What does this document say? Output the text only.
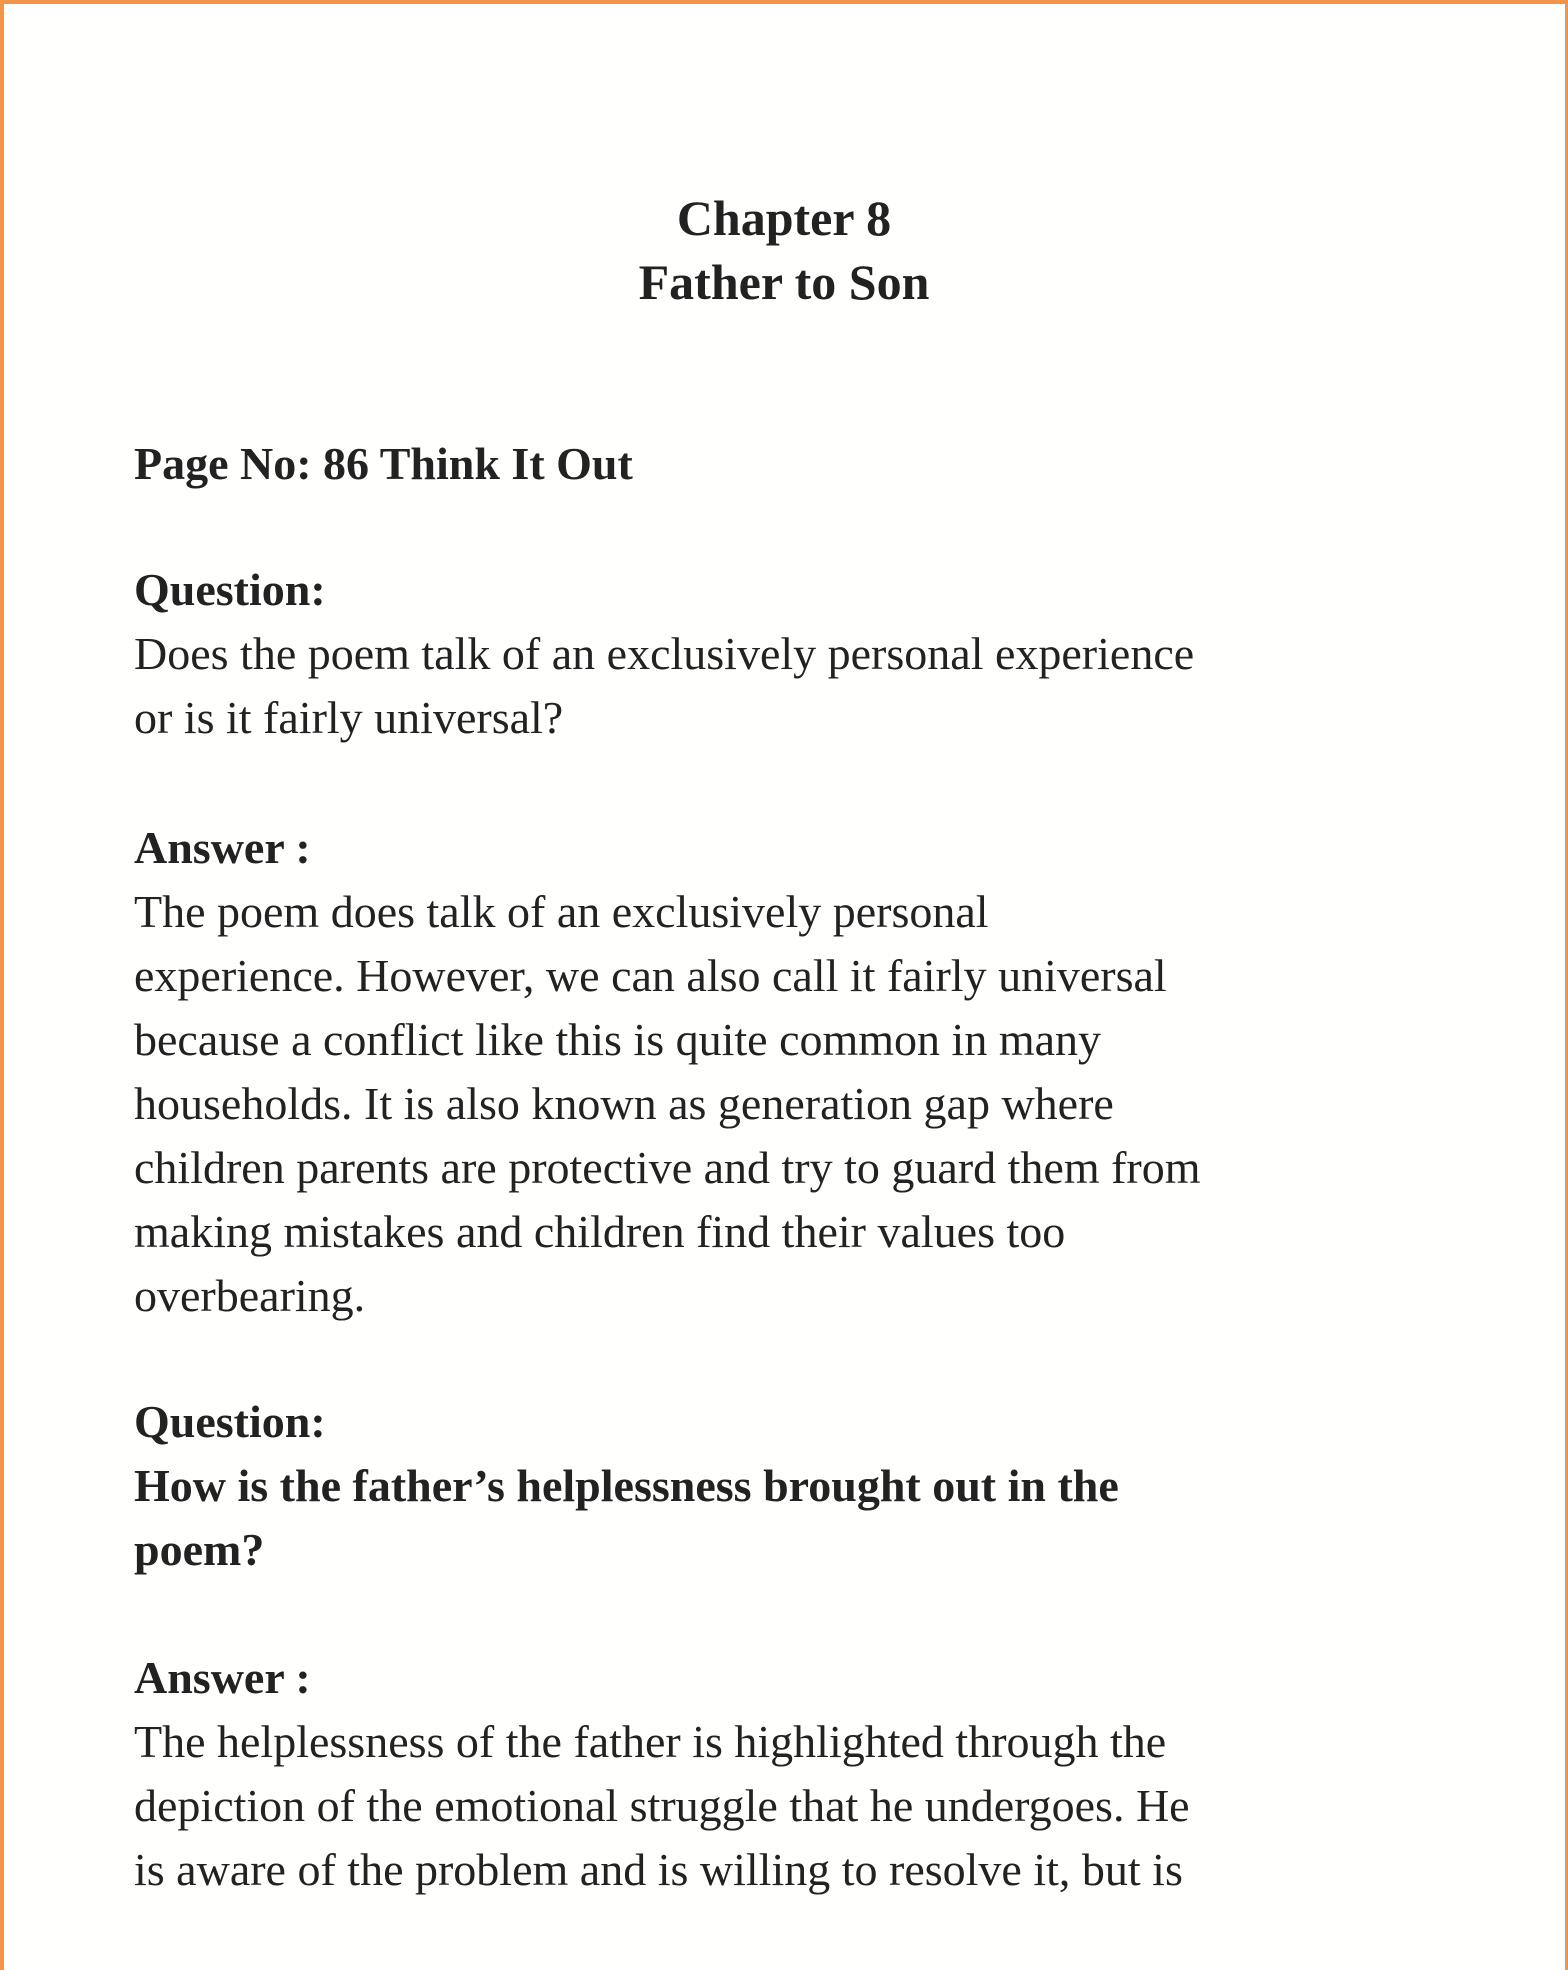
Chapter 8
Father to Son
Page No: 86 Think It Out
Question:
Does the poem talk of an exclusively personal experience
or is it fairly universal?
Answer :
The poem does talk of an exclusively personal
experience. However, we can also call it fairly universal
because a conflict like this is quite common in many
households. It is also known as generation gap where
children parents are protective and try to guard them from
making mistakes and children find their values too
overbearing.
Question:
How is the father’s helplessness brought out in the
poem?
Answer :
The helplessness of the father is highlighted through the
depiction of the emotional struggle that he undergoes. He
is aware of the problem and is willing to resolve it, but is
